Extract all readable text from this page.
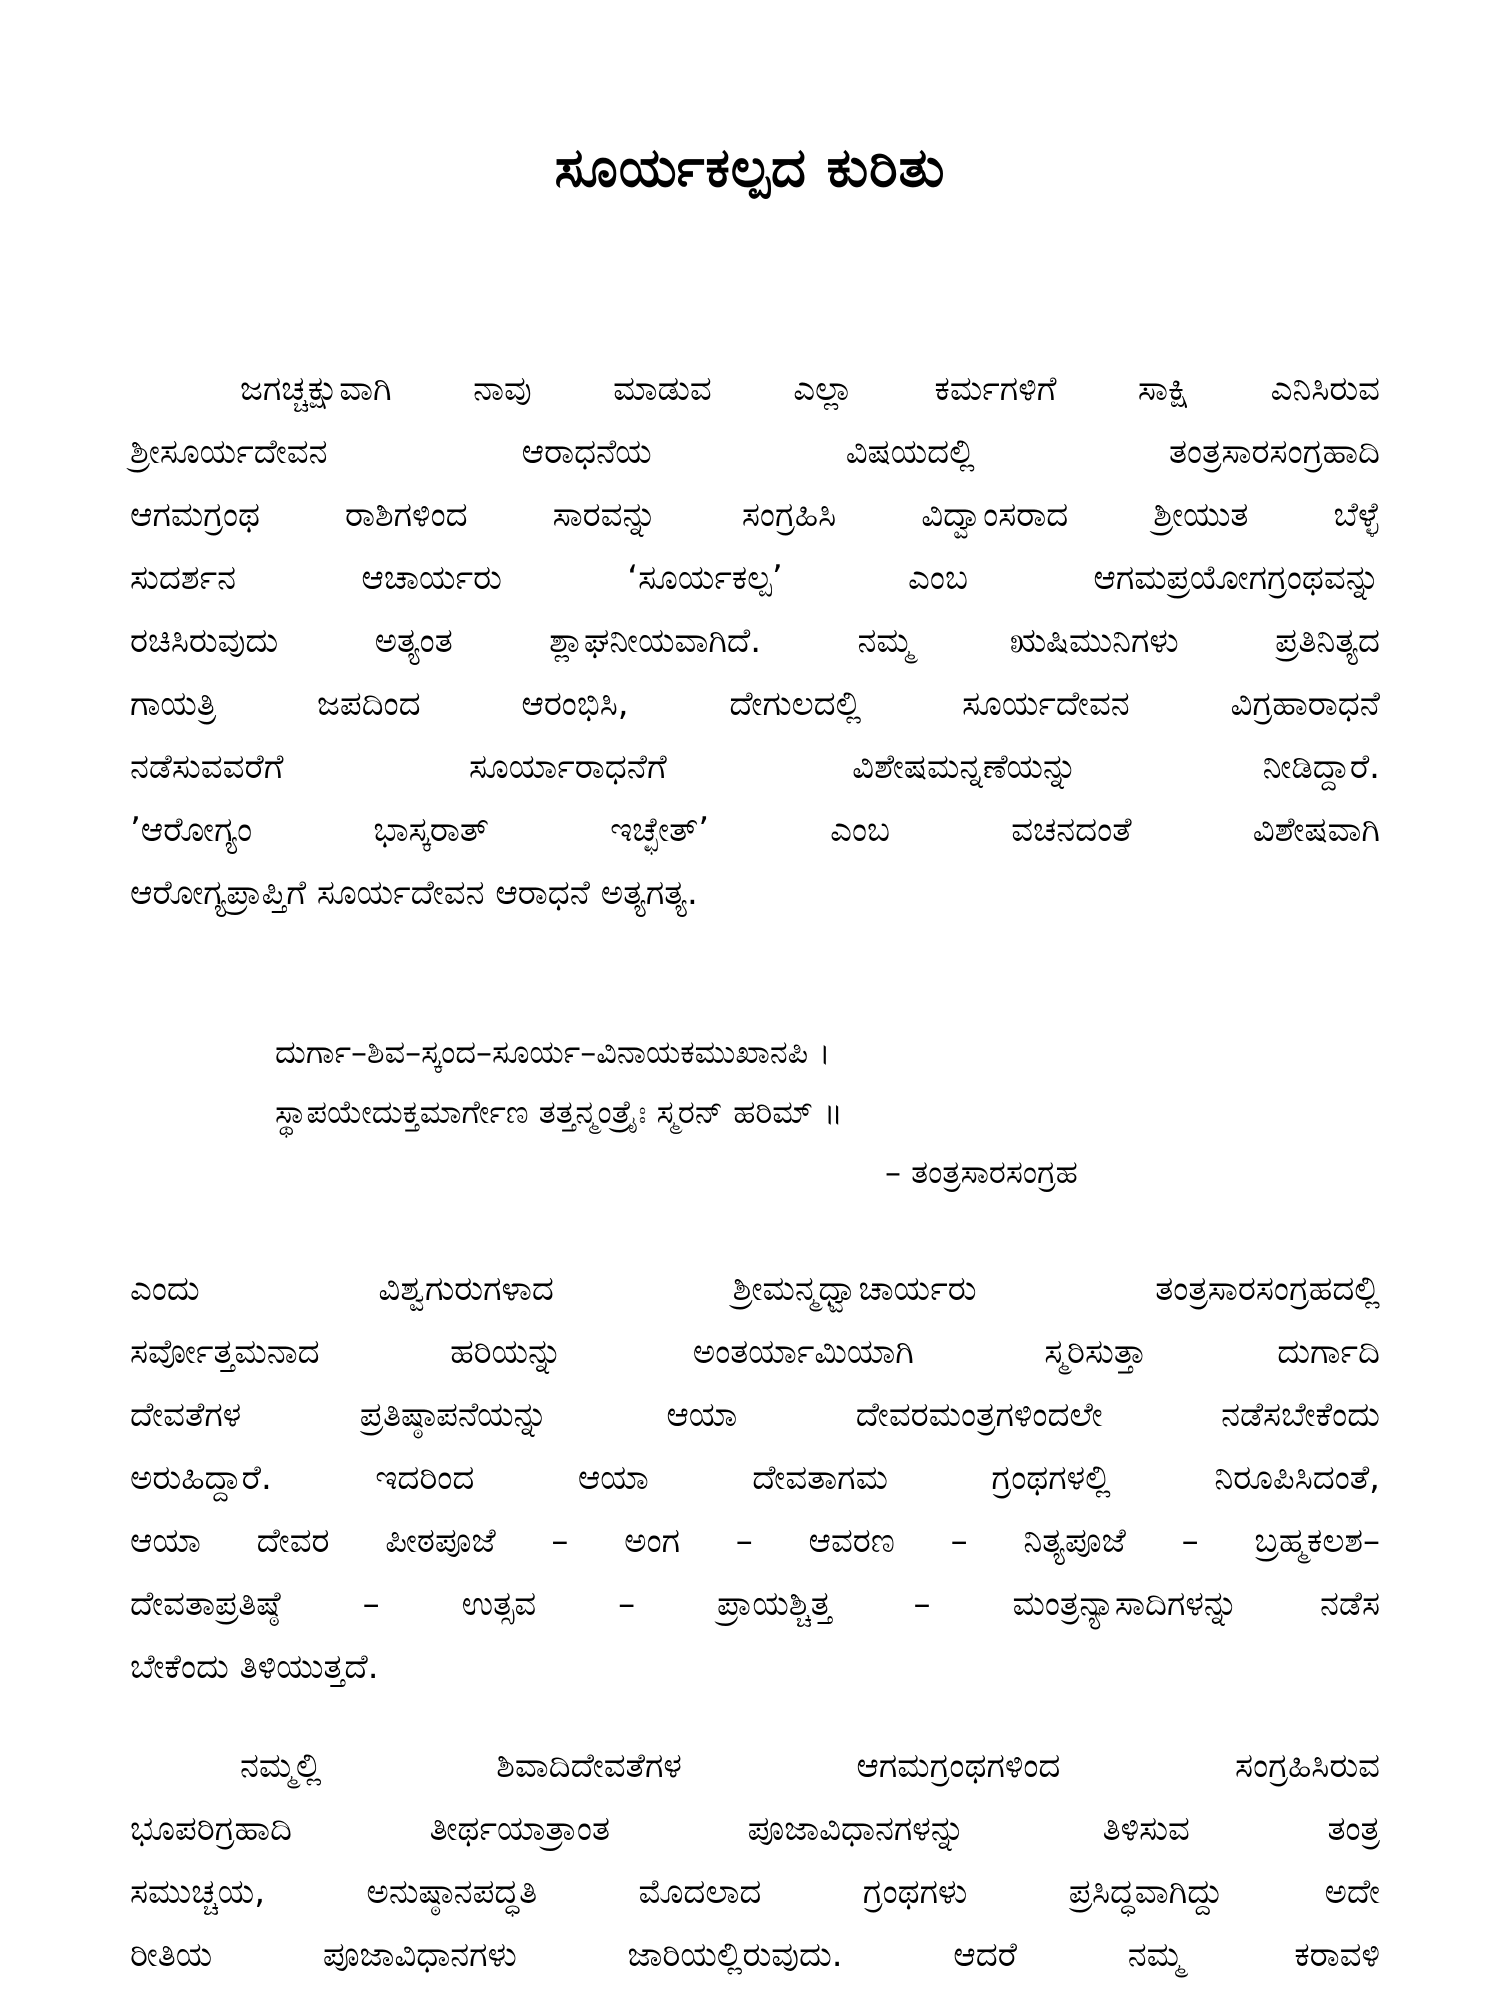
ಸೂರ್ಯಕಲ್ಪದ ಕುರಿತು

ಜಗಚ್ಚಕ್ಷುವಾಗಿ ನಾವು ಮಾಡುವ ಎಲ್ಲಾ ಕರ್ಮಗಳಿಗೆ ಸಾಕ್ಷಿ ಎನಿಸಿರುವ
ಶ್ರೀಸೂರ್ಯದೇವನ ಆರಾಧನೆಯ ವಿಷಯದಲ್ಲಿ ತಂತ್ರಸಾರಸಂಗ್ರಹಾದಿ
ಆಗಮಗ್ರಂಥ ರಾಶಿಗಳಿಂದ ಸಾರವನ್ನು ಸಂಗ್ರಹಿಸಿ ವಿದ್ವಾಂಸರಾದ ಶ್ರೀಯುತ ಬೆಳ್ಳೆ
ಸುದರ್ಶನ ಆಚಾರ್ಯರು ‘ಸೂರ್ಯಕಲ್ಪ’ ಎಂಬ ಆಗಮಪ್ರಯೋಗಗ್ರಂಥವನ್ನು
ರಚಿಸಿರುವುದು ಅತ್ಯಂತ ಶ್ಲಾಘನೀಯವಾಗಿದೆ. ನಮ್ಮ ಋಷಿಮುನಿಗಳು ಪ್ರತಿನಿತ್ಯದ
ಗಾಯತ್ರಿ ಜಪದಿಂದ ಆರಂಭಿಸಿ, ದೇಗುಲದಲ್ಲಿ ಸೂರ್ಯದೇವನ ವಿಗ್ರಹಾರಾಧನೆ
ನಡೆಸುವವರೆಗೆ ಸೂರ್ಯಾರಾಧನೆಗೆ ವಿಶೇಷಮನ್ನಣೆಯನ್ನು ನೀಡಿದ್ದಾರೆ.
’ಆರೋಗ್ಯಂ ಭಾಸ್ಕರಾತ್ ಇಚ್ಛೇತ್’ ಎಂಬ ವಚನದಂತೆ ವಿಶೇಷವಾಗಿ
ಆರೋಗ್ಯಪ್ರಾಪ್ತಿಗೆ ಸೂರ್ಯದೇವನ ಆರಾಧನೆ ಅತ್ಯಗತ್ಯ.

ದುರ್ಗಾ–ಶಿವ–ಸ್ಕಂದ–ಸೂರ್ಯ–ವಿನಾಯಕಮುಖಾನಪಿ ।
ಸ್ಥಾಪಯೇದುಕ್ತಮಾರ್ಗೇಣ ತತ್ತನ್ಮಂತ್ರೈಃ ಸ್ಮರನ್ ಹರಿಮ್ ॥
– ತಂತ್ರಸಾರಸಂಗ್ರಹ

ಎಂದು ವಿಶ್ವಗುರುಗಳಾದ ಶ್ರೀಮನ್ಮಧ್ವಾಚಾರ್ಯರು ತಂತ್ರಸಾರಸಂಗ್ರಹದಲ್ಲಿ
ಸರ್ವೋತ್ತಮನಾದ ಹರಿಯನ್ನು ಅಂತರ್ಯಾಮಿಯಾಗಿ ಸ್ಮರಿಸುತ್ತಾ ದುರ್ಗಾದಿ
ದೇವತೆಗಳ ಪ್ರತಿಷ್ಠಾಪನೆಯನ್ನು ಆಯಾ ದೇವರಮಂತ್ರಗಳಿಂದಲೇ ನಡೆಸಬೇಕೆಂದು
ಅರುಹಿದ್ದಾರೆ. ಇದರಿಂದ ಆಯಾ ದೇವತಾಗಮ ಗ್ರಂಥಗಳಲ್ಲಿ ನಿರೂಪಿಸಿದಂತೆ,
ಆಯಾ ದೇವರ ಪೀಠಪೂಜೆ – ಅಂಗ – ಆವರಣ – ನಿತ್ಯಪೂಜೆ – ಬ್ರಹ್ಮಕಲಶ–
ದೇವತಾಪ್ರತಿಷ್ಠೆ – ಉತ್ಸವ – ಪ್ರಾಯಶ್ಚಿತ್ತ – ಮಂತ್ರನ್ಯಾಸಾದಿಗಳನ್ನು ನಡೆಸ
ಬೇಕೆಂದು ತಿಳಿಯುತ್ತದೆ.

ನಮ್ಮಲ್ಲಿ ಶಿವಾದಿದೇವತೆಗಳ ಆಗಮಗ್ರಂಥಗಳಿಂದ ಸಂಗ್ರಹಿಸಿರುವ
ಭೂಪರಿಗ್ರಹಾದಿ ತೀರ್ಥಯಾತ್ರಾಂತ ಪೂಜಾವಿಧಾನಗಳನ್ನು ತಿಳಿಸುವ ತಂತ್ರ
ಸಮುಚ್ಚಯ, ಅನುಷ್ಠಾನಪದ್ಧತಿ ಮೊದಲಾದ ಗ್ರಂಥಗಳು ಪ್ರಸಿದ್ಧವಾಗಿದ್ದು ಅದೇ
ರೀತಿಯ ಪೂಜಾವಿಧಾನಗಳು ಜಾರಿಯಲ್ಲಿರುವುದು. ಆದರೆ ನಮ್ಮ ಕರಾವಳಿ
